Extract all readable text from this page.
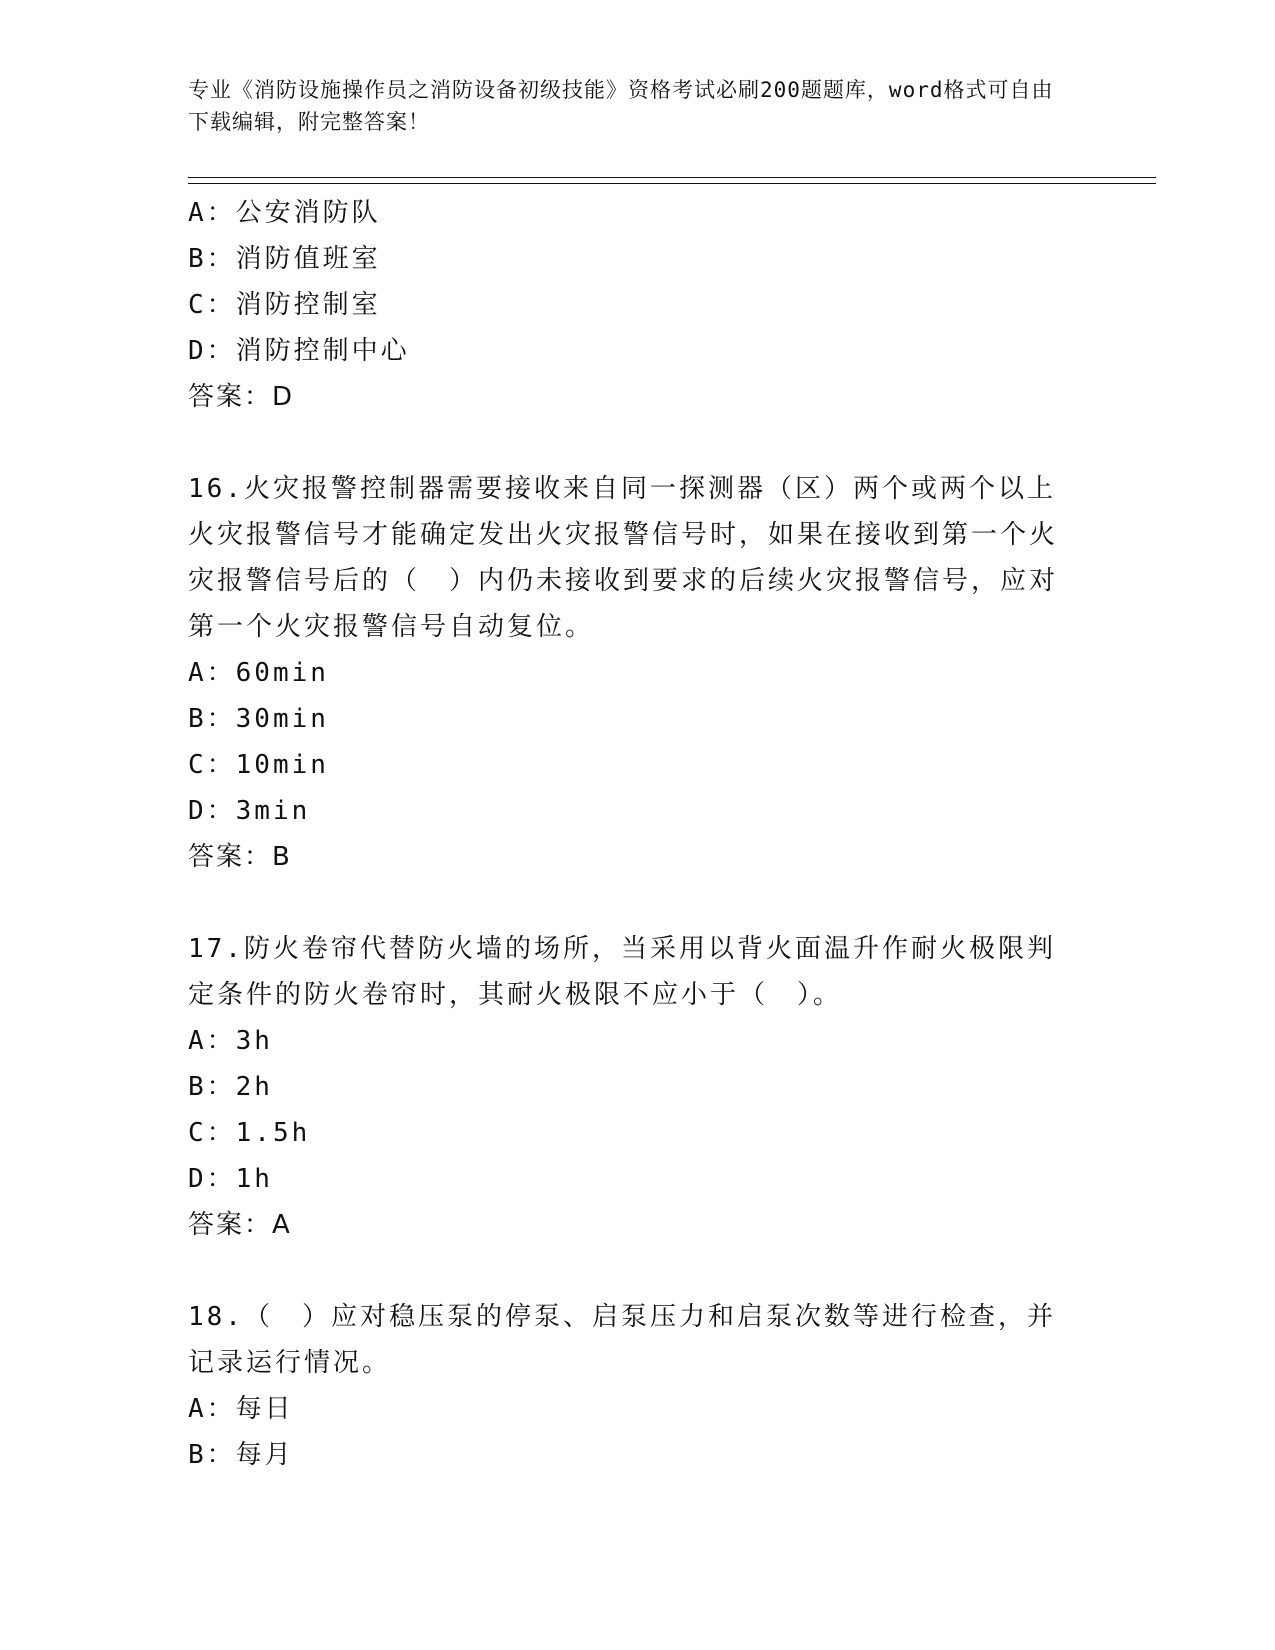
专业《消防设施操作员之消防设备初级技能》资格考试必刷200题题库，word格式可自由下载编辑，附完整答案！
A：公安消防队
B：消防值班室
C：消防控制室
D：消防控制中心
答案：D
16.火灾报警控制器需要接收来自同一探测器（区）两个或两个以上火灾报警信号才能确定发出火灾报警信号时，如果在接收到第一个火灾报警信号后的（　）内仍未接收到要求的后续火灾报警信号，应对第一个火灾报警信号自动复位。
A：60min
B：30min
C：10min
D：3min
答案：B
17.防火卷帘代替防火墙的场所，当采用以背火面温升作耐火极限判定条件的防火卷帘时，其耐火极限不应小于（　）。
A：3h
B：2h
C：1.5h
D：1h
答案：A
18.（　）应对稳压泵的停泵、启泵压力和启泵次数等进行检查，并记录运行情况。
A：每日
B：每月
